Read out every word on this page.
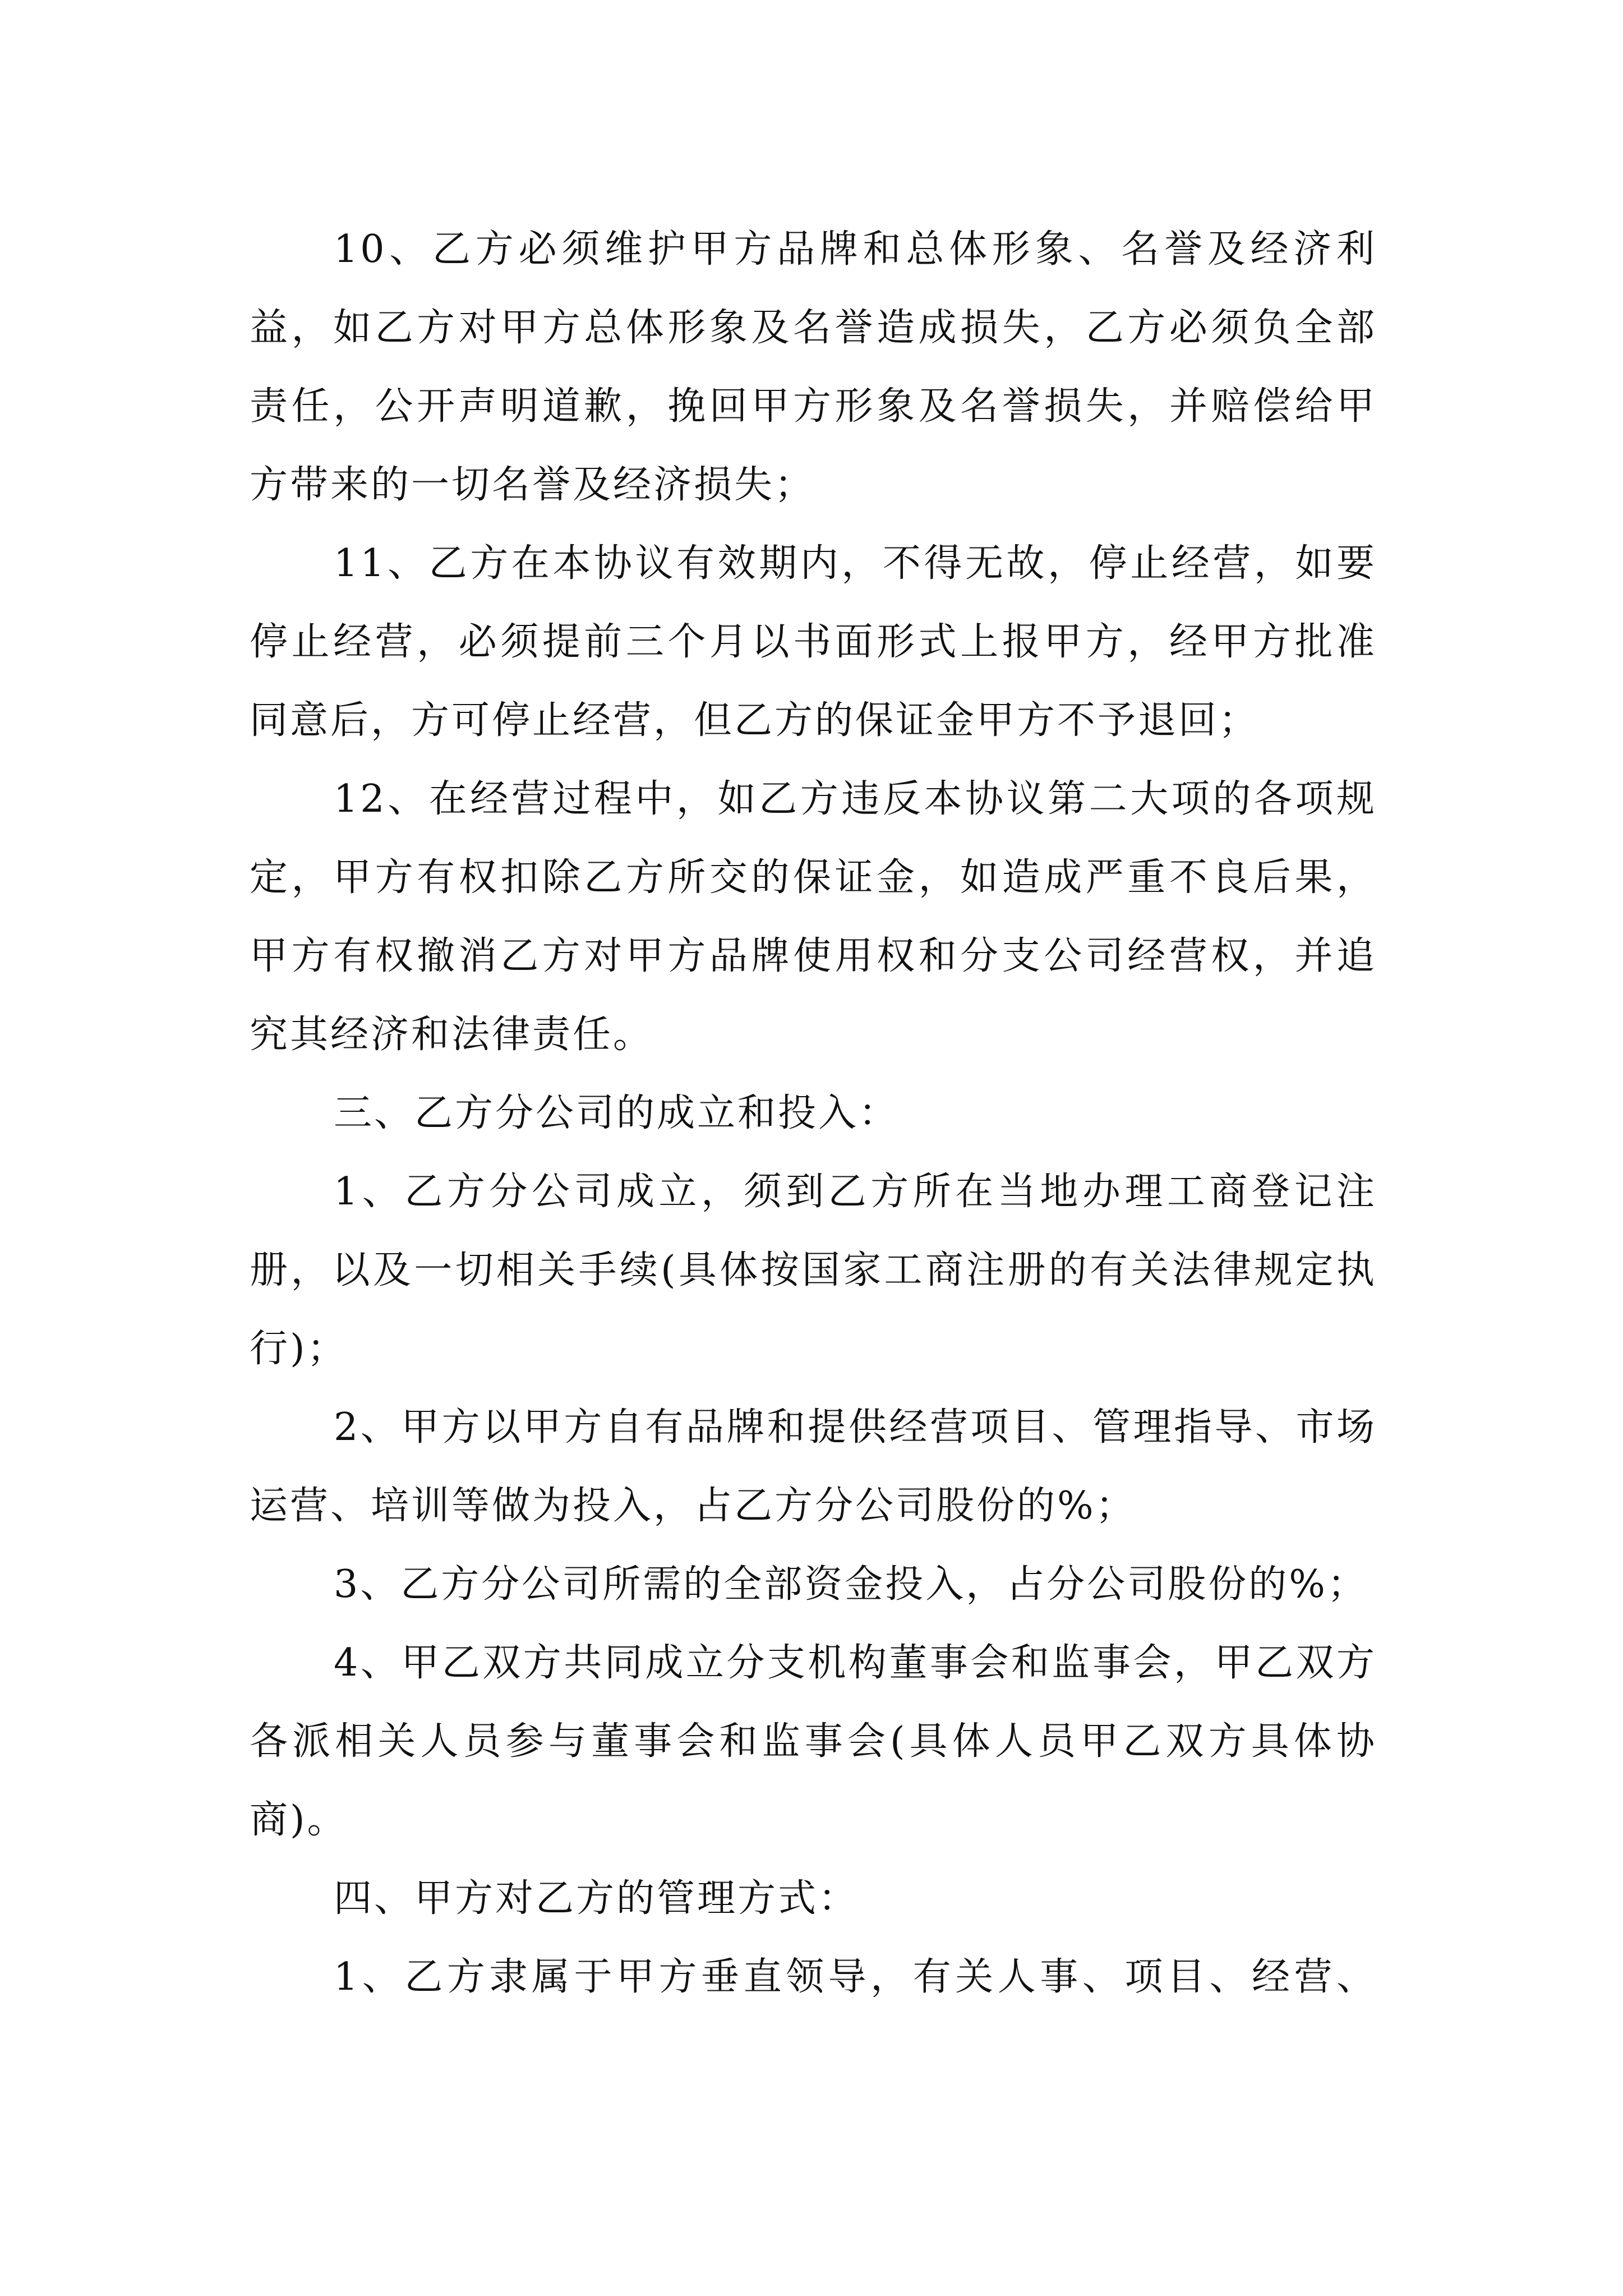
10、乙方必须维护甲方品牌和总体形象、名誉及经济利益，如乙方对甲方总体形象及名誉造成损失，乙方必须负全部责任，公开声明道歉，挽回甲方形象及名誉损失，并赔偿给甲方带来的一切名誉及经济损失；

11、乙方在本协议有效期内，不得无故，停止经营，如要停止经营，必须提前三个月以书面形式上报甲方，经甲方批准同意后，方可停止经营，但乙方的保证金甲方不予退回；

12、在经营过程中，如乙方违反本协议第二大项的各项规定，甲方有权扣除乙方所交的保证金，如造成严重不良后果，甲方有权撤消乙方对甲方品牌使用权和分支公司经营权，并追究其经济和法律责任。

三、乙方分公司的成立和投入：

1、乙方分公司成立，须到乙方所在当地办理工商登记注册，以及一切相关手续(具体按国家工商注册的有关法律规定执行)；

2、甲方以甲方自有品牌和提供经营项目、管理指导、市场运营、培训等做为投入，占乙方分公司股份的%；

3、乙方分公司所需的全部资金投入，占分公司股份的%；

4、甲乙双方共同成立分支机构董事会和监事会，甲乙双方各派相关人员参与董事会和监事会(具体人员甲乙双方具体协商)。

四、甲方对乙方的管理方式：

1、乙方隶属于甲方垂直领导，有关人事、项目、经营、
